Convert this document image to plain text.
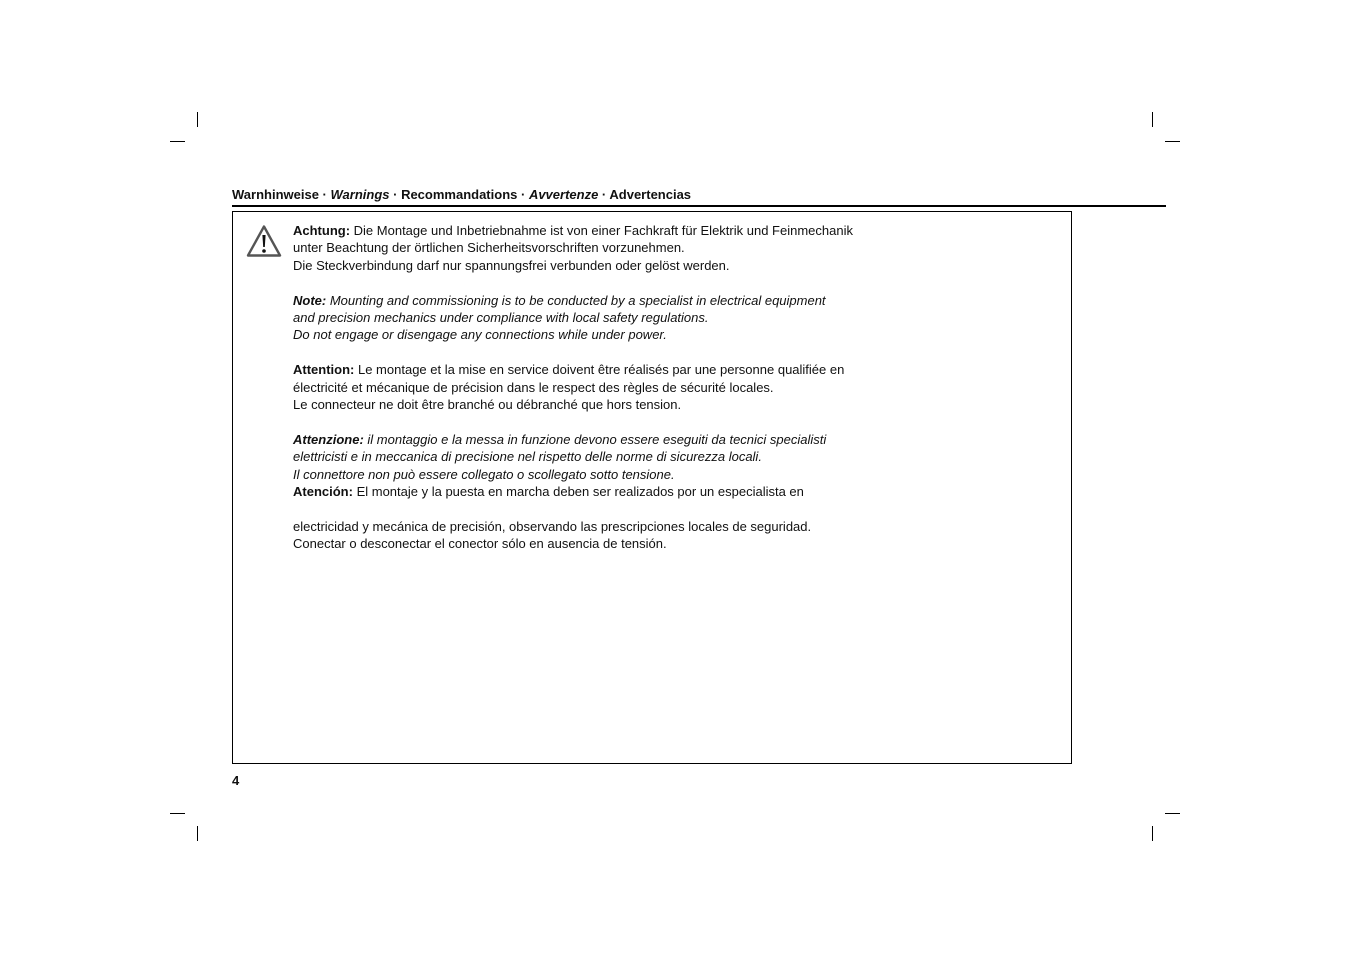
Warnhinweise · Warnings · Recommandations · Avvertenze · Advertencias
Achtung: Die Montage und Inbetriebnahme ist von einer Fachkraft für Elektrik und Feinmechanik
unter Beachtung der örtlichen Sicherheitsvorschriften vorzunehmen.
Die Steckverbindung darf nur spannungsfrei verbunden oder gelöst werden.
Note: Mounting and commissioning is to be conducted by a specialist in electrical equipment
and precision mechanics under compliance with local safety regulations.
Do not engage or disengage any connections while under power.
Attention: Le montage et la mise en service doivent être réalisés par une personne qualifiée en
électricité et mécanique de précision dans le respect des règles de sécurité locales.
Le connecteur ne doit être branché ou débranché que hors tension.
Attenzione: il montaggio e la messa in funzione devono essere eseguiti da tecnici specialisti
elettricisti e in meccanica di precisione nel rispetto delle norme di sicurezza locali.
Il connettore non può essere collegato o scollegato sotto tensione.
Atención: El montaje y la puesta en marcha deben ser realizados por un especialista en
electricidad y mecánica de precisión, observando las prescripciones locales de seguridad.
Conectar o desconectar el conector sólo en ausencia de tensión.
4
